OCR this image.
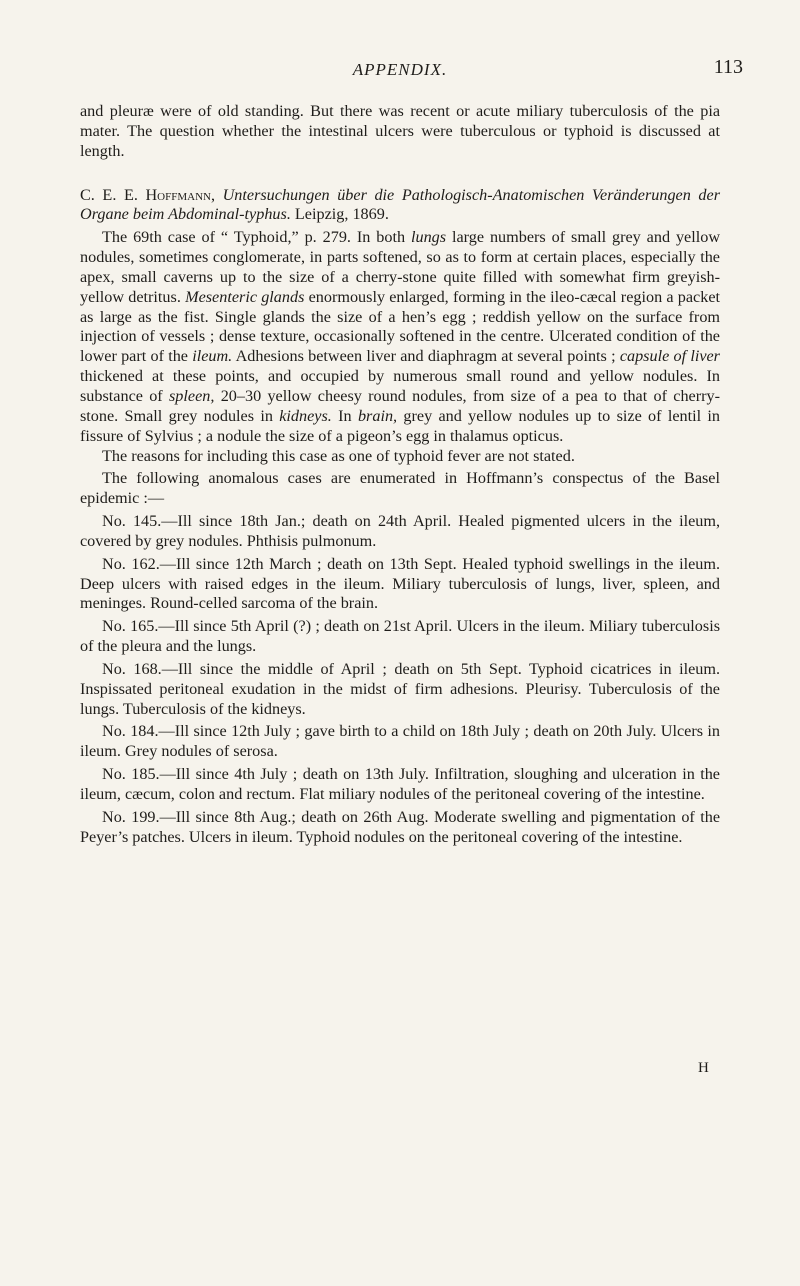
APPENDIX.	113

and pleuræ were of old standing. But there was recent or acute miliary tuberculosis of the pia mater. The question whether the intestinal ulcers were tuberculous or typhoid is discussed at length.

C. E. E. Hoffmann, Untersuchungen über die Pathologisch-Anatomischen Veränderungen der Organe beim Abdominal-typhus. Leipzig, 1869.

The 69th case of “ Typhoid,” p. 279. In both lungs large numbers of small grey and yellow nodules, sometimes conglomerate, in parts softened, so as to form at certain places, especially the apex, small caverns up to the size of a cherry-stone quite filled with somewhat firm greyish-yellow detritus. Mesenteric glands enormously enlarged, forming in the ileo-cæcal region a packet as large as the fist. Single glands the size of a hen’s egg ; reddish yellow on the surface from injection of vessels ; dense texture, occasionally softened in the centre. Ulcerated condition of the lower part of the ileum. Adhesions between liver and diaphragm at several points ; capsule of liver thickened at these points, and occupied by numerous small round and yellow nodules. In substance of spleen, 20–30 yellow cheesy round nodules, from size of a pea to that of cherry-stone. Small grey nodules in kidneys. In brain, grey and yellow nodules up to size of lentil in fissure of Sylvius ; a nodule the size of a pigeon’s egg in thalamus opticus.

The reasons for including this case as one of typhoid fever are not stated.

The following anomalous cases are enumerated in Hoffmann’s conspectus of the Basel epidemic :—

No. 145.—Ill since 18th Jan.; death on 24th April. Healed pigmented ulcers in the ileum, covered by grey nodules. Phthisis pulmonum.

No. 162.—Ill since 12th March ; death on 13th Sept. Healed typhoid swellings in the ileum. Deep ulcers with raised edges in the ileum. Miliary tuberculosis of lungs, liver, spleen, and meninges. Round-celled sarcoma of the brain.

No. 165.—Ill since 5th April (?) ; death on 21st April. Ulcers in the ileum. Miliary tuberculosis of the pleura and the lungs.

No. 168.—Ill since the middle of April ; death on 5th Sept. Typhoid cicatrices in ileum. Inspissated peritoneal exudation in the midst of firm adhesions. Pleurisy. Tuberculosis of the lungs. Tuberculosis of the kidneys.

No. 184.—Ill since 12th July ; gave birth to a child on 18th July ; death on 20th July. Ulcers in ileum. Grey nodules of serosa.

No. 185.—Ill since 4th July ; death on 13th July. Infiltration, sloughing and ulceration in the ileum, cæcum, colon and rectum. Flat miliary nodules of the peritoneal covering of the intestine.

No. 199.—Ill since 8th Aug.; death on 26th Aug. Moderate swelling and pigmentation of the Peyer’s patches. Ulcers in ileum. Typhoid nodules on the peritoneal covering of the intestine.

H
